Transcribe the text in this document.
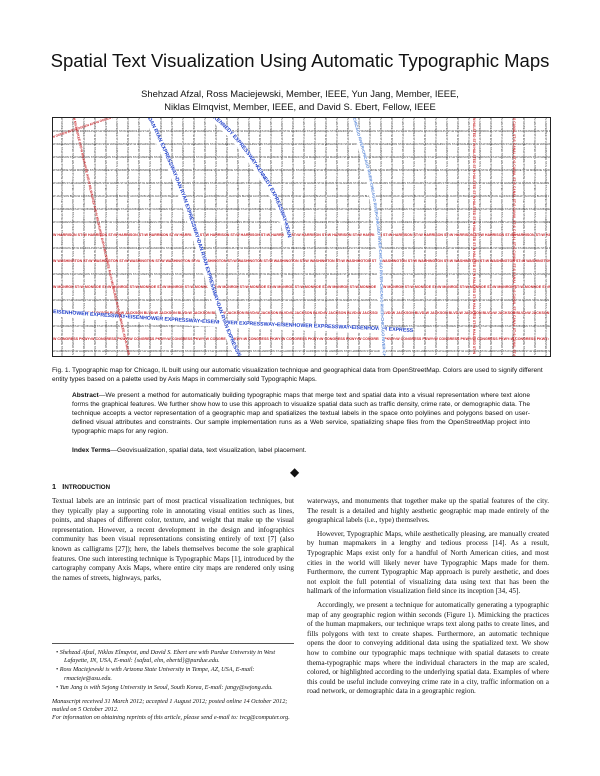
Spatial Text Visualization Using Automatic Typographic Maps
Shehzad Afzal, Ross Maciejewski, Member, IEEE, Yun Jang, Member, IEEE,
Niklas Elmqvist, Member, IEEE, and David S. Ebert, Fellow, IEEE
W KINZIE ST•W KINZIE ST•W KINZIE ST•W KINZIE ST•W KINZIE ST•W KINZIE ST•W KINZIE ST•W KINZIE ST•W KINZIE ST•W KINZIE ST•W KINZIE ST•W KINZIE ST•W KINZIE ST•W KINZIE ST•W KI
N HALSTED ST•N HALSTED ST•N HALSTED ST•N HALSTED ST•N HALSTED ST•N HALSTED ST•N HALSTED ST•N HALSTED ST•N HALSTED ST•N HALSTED ST•N HALSTED ST•N HALSTED ST•N
N CARPENTER ST•N CARPENTER ST•N CARPENTER ST•N CARPENTER ST•N CARPENTER ST•N CARPENTER ST•N CARPENTER ST•N CARPENTER ST•N CARPENTER ST•N CARPENTER ST•N
W KINZIE ST•W KINZIE ST•W KINZIE ST•W KINZIE ST•W KINZIE ST•W KINZIE ST•W KINZIE ST•W KINZIE ST•W KINZIE ST•W KINZIE ST•W KINZIE ST•W KINZIE ST•W KINZIE ST•W KINZIE ST•W KI
N HALSTED ST•N HALSTED ST•N HALSTED ST•N HALSTED ST•N HALSTED ST•N HALSTED ST•N HALSTED ST•N HALSTED ST•N HALSTED ST•N HALSTED ST•N HALSTED ST•N HALSTED ST•N
N CARPENTER ST•N CARPENTER ST•N CARPENTER ST•N CARPENTER ST•N CARPENTER ST•N CARPENTER ST•N CARPENTER ST•N CARPENTER ST•N CARPENTER ST•N CARPENTER ST•N
W KINZIE ST•W KINZIE ST•W KINZIE ST•W KINZIE ST•W KINZIE ST•W KINZIE ST•W KINZIE ST•W KINZIE ST•W KINZIE ST•W KINZIE ST•W KINZIE ST•W KINZIE ST•W KINZIE ST•W KINZIE ST•W KI
N HALSTED ST•N HALSTED ST•N HALSTED ST•N HALSTED ST•N HALSTED ST•N HALSTED ST•N HALSTED ST•N HALSTED ST•N HALSTED ST•N HALSTED ST•N HALSTED ST•N HALSTED ST•N
N CARPENTER ST•N CARPENTER ST•N CARPENTER ST•N CARPENTER ST•N CARPENTER ST•N CARPENTER ST•N CARPENTER ST•N CARPENTER ST•N CARPENTER ST•N CARPENTER ST•N
W KINZIE ST•W KINZIE ST•W KINZIE ST•W KINZIE ST•W KINZIE ST•W KINZIE ST•W KINZIE ST•W KINZIE ST•W KINZIE ST•W KINZIE ST•W KINZIE ST•W KINZIE ST•W KINZIE ST•W KINZIE ST•W KI
N HALSTED ST•N HALSTED ST•N HALSTED ST•N HALSTED ST•N HALSTED ST•N HALSTED ST•N HALSTED ST•N HALSTED ST•N HALSTED ST•N HALSTED ST•N HALSTED ST•N HALSTED ST•N
N CARPENTER ST•N CARPENTER ST•N CARPENTER ST•N CARPENTER ST•N CARPENTER ST•N CARPENTER ST•N CARPENTER ST•N CARPENTER ST•N CARPENTER ST•N CARPENTER ST•N
W KINZIE ST•W KINZIE ST•W KINZIE ST•W KINZIE ST•W KINZIE ST•W KINZIE ST•W KINZIE ST•W KINZIE ST•W KINZIE ST•W KINZIE ST•W KINZIE ST•W KINZIE ST•W KINZIE ST•W KINZIE ST•W KI
N HALSTED ST•N HALSTED ST•N HALSTED ST•N HALSTED ST•N HALSTED ST•N HALSTED ST•N HALSTED ST•N HALSTED ST•N HALSTED ST•N HALSTED ST•N HALSTED ST•N HALSTED ST•N
N CARPENTER ST•N CARPENTER ST•N CARPENTER ST•N CARPENTER ST•N CARPENTER ST•N CARPENTER ST•N CARPENTER ST•N CARPENTER ST•N CARPENTER ST•N CARPENTER ST•N
W KINZIE ST•W KINZIE ST•W KINZIE ST•W KINZIE ST•W KINZIE ST•W KINZIE ST•W KINZIE ST•W KINZIE ST•W KINZIE ST•W KINZIE ST•W KINZIE ST•W KINZIE ST•W KINZIE ST•W KINZIE ST•W KI
N HALSTED ST•N HALSTED ST•N HALSTED ST•N HALSTED ST•N HALSTED ST•N HALSTED ST•N HALSTED ST•N HALSTED ST•N HALSTED ST•N HALSTED ST•N HALSTED ST•N HALSTED ST•N
N CARPENTER ST•N CARPENTER ST•N CARPENTER ST•N CARPENTER ST•N CARPENTER ST•N CARPENTER ST•N CARPENTER ST•N CARPENTER ST•N CARPENTER ST•N CARPENTER ST•N
W KINZIE ST•W KINZIE ST•W KINZIE ST•W KINZIE ST•W KINZIE ST•W KINZIE ST•W KINZIE ST•W KINZIE ST•W KINZIE ST•W KINZIE ST•W KINZIE ST•W KINZIE ST•W KINZIE ST•W KINZIE ST•W KI
N HALSTED ST•N HALSTED ST•N HALSTED ST•N HALSTED ST•N HALSTED ST•N HALSTED ST•N HALSTED ST•N HALSTED ST•N HALSTED ST•N HALSTED ST•N HALSTED ST•N HALSTED ST•N
N CARPENTER ST•N CARPENTER ST•N CARPENTER ST•N CARPENTER ST•N CARPENTER ST•N CARPENTER ST•N CARPENTER ST•N CARPENTER ST•N CARPENTER ST•N CARPENTER ST•N
W KINZIE ST•W KINZIE ST•W KINZIE ST•W KINZIE ST•W KINZIE ST•W KINZIE ST•W KINZIE ST•W KINZIE ST•W KINZIE ST•W KINZIE ST•W KINZIE ST•W KINZIE ST•W KINZIE ST•W KINZIE ST•W KI
N HALSTED ST•N HALSTED ST•N HALSTED ST•N HALSTED ST•N HALSTED ST•N HALSTED ST•N HALSTED ST•N HALSTED ST•N HALSTED ST•N HALSTED ST•N HALSTED ST•N HALSTED ST•N
N CARPENTER ST•N CARPENTER ST•N CARPENTER ST•N CARPENTER ST•N CARPENTER ST•N CARPENTER ST•N CARPENTER ST•N CARPENTER ST•N CARPENTER ST•N CARPENTER ST•N
W KINZIE ST•W KINZIE ST•W KINZIE ST•W KINZIE ST•W KINZIE ST•W KINZIE ST•W KINZIE ST•W KINZIE ST•W KINZIE ST•W KINZIE ST•W KINZIE ST•W KINZIE ST•W KINZIE ST•W KINZIE ST•W KI
N HALSTED ST•N HALSTED ST•N HALSTED ST•N HALSTED ST•N HALSTED ST•N HALSTED ST•N HALSTED ST•N HALSTED ST•N HALSTED ST•N HALSTED ST•N HALSTED ST•N HALSTED ST•N
N CARPENTER ST•N CARPENTER ST•N CARPENTER ST•N CARPENTER ST•N CARPENTER ST•N CARPENTER ST•N CARPENTER ST•N CARPENTER ST•N CARPENTER ST•N CARPENTER ST•N
W KINZIE ST•W KINZIE ST•W KINZIE ST•W KINZIE ST•W KINZIE ST•W KINZIE ST•W KINZIE ST•W KINZIE ST•W KINZIE ST•W KINZIE ST•W KINZIE ST•W KINZIE ST•W KINZIE ST•W KINZIE ST•W KI
N HALSTED ST•N HALSTED ST•N HALSTED ST•N HALSTED ST•N HALSTED ST•N HALSTED ST•N HALSTED ST•N HALSTED ST•N HALSTED ST•N HALSTED ST•N HALSTED ST•N HALSTED ST•N
N CARPENTER ST•N CARPENTER ST•N CARPENTER ST•N CARPENTER ST•N CARPENTER ST•N CARPENTER ST•N CARPENTER ST•N CARPENTER ST•N CARPENTER ST•N CARPENTER ST•N
W KINZIE ST•W KINZIE ST•W KINZIE ST•W KINZIE ST•W KINZIE ST•W KINZIE ST•W KINZIE ST•W KINZIE ST•W KINZIE ST•W KINZIE ST•W KINZIE ST•W KINZIE ST•W KINZIE ST•W KINZIE ST•W KI
N HALSTED ST•N HALSTED ST•N HALSTED ST•N HALSTED ST•N HALSTED ST•N HALSTED ST•N HALSTED ST•N HALSTED ST•N HALSTED ST•N HALSTED ST•N HALSTED ST•N HALSTED ST•N
N CARPENTER ST•N CARPENTER ST•N CARPENTER ST•N CARPENTER ST•N CARPENTER ST•N CARPENTER ST•N CARPENTER ST•N CARPENTER ST•N CARPENTER ST•N CARPENTER ST•N
W KINZIE ST•W KINZIE ST•W KINZIE ST•W KINZIE ST•W KINZIE ST•W KINZIE ST•W KINZIE ST•W KINZIE ST•W KINZIE ST•W KINZIE ST•W KINZIE ST•W KINZIE ST•W KINZIE ST•W KINZIE ST•W KI
N HALSTED ST•N HALSTED ST•N HALSTED ST•N HALSTED ST•N HALSTED ST•N HALSTED ST•N HALSTED ST•N HALSTED ST•N HALSTED ST•N HALSTED ST•N HALSTED ST•N HALSTED ST•N
N CARPENTER ST•N CARPENTER ST•N CARPENTER ST•N CARPENTER ST•N CARPENTER ST•N CARPENTER ST•N CARPENTER ST•N CARPENTER ST•N CARPENTER ST•N CARPENTER ST•N
W KINZIE ST•W KINZIE ST•W KINZIE ST•W KINZIE ST•W KINZIE ST•W KINZIE ST•W KINZIE ST•W KINZIE ST•W KINZIE ST•W KINZIE ST•W KINZIE ST•W KINZIE ST•W KINZIE ST•W KINZIE ST•W KI
N HALSTED ST•N HALSTED ST•N HALSTED ST•N HALSTED ST•N HALSTED ST•N HALSTED ST•N HALSTED ST•N HALSTED ST•N HALSTED ST•N HALSTED ST•N HALSTED ST•N HALSTED ST•N
N CARPENTER ST•N CARPENTER ST•N CARPENTER ST•N CARPENTER ST•N CARPENTER ST•N CARPENTER ST•N CARPENTER ST•N CARPENTER ST•N CARPENTER ST•N CARPENTER ST•N
W KINZIE ST•W KINZIE ST•W KINZIE ST•W KINZIE ST•W KINZIE ST•W KINZIE ST•W KINZIE ST•W KINZIE ST•W KINZIE ST•W KINZIE ST•W KINZIE ST•W KINZIE ST•W KINZIE ST•W KINZIE ST•W KI
N HALSTED ST•N HALSTED ST•N HALSTED ST•N HALSTED ST•N HALSTED ST•N HALSTED ST•N HALSTED ST•N HALSTED ST•N HALSTED ST•N HALSTED ST•N HALSTED ST•N HALSTED ST•N
N CARPENTER ST•N CARPENTER ST•N CARPENTER ST•N CARPENTER ST•N CARPENTER ST•N CARPENTER ST•N CARPENTER ST•N CARPENTER ST•N CARPENTER ST•N CARPENTER ST•N
W KINZIE ST•W KINZIE ST•W KINZIE ST•W KINZIE ST•W KINZIE ST•W KINZIE ST•W KINZIE ST•W KINZIE ST•W KINZIE ST•W KINZIE ST•W KINZIE ST•W KINZIE ST•W KINZIE ST•W KINZIE ST•W KI
N HALSTED ST•N HALSTED ST•N HALSTED ST•N HALSTED ST•N HALSTED ST•N HALSTED ST•N HALSTED ST•N HALSTED ST•N HALSTED ST•N HALSTED ST•N HALSTED ST•N HALSTED ST•N
N CARPENTER ST•N CARPENTER ST•N CARPENTER ST•N CARPENTER ST•N CARPENTER ST•N CARPENTER ST•N CARPENTER ST•N CARPENTER ST•N CARPENTER ST•N CARPENTER ST•N
W RANDOLPH ST•W RANDOLPH ST•W RANDOLPH ST•W RANDOLPH ST•W RANDOLPH ST•W RANDOLPH ST•W RANDOLPH ST•W RANDOLPH ST•W RANDOLPH ST•W RANDOLPH ST•W RANDOLPH ST•W RANDOLPH ST•W RANDOLPH ST•W RANDOLPH ST•W RANDOLPH ST•W RANDOLPH ST•W RANDOLPH ST•W RANDOLPH ST•W RANDOLPH ST•W RANDOLPH ST•W RANDOLPH ST•W
W WASHINGTON ST•W WASHINGTON ST•W WASHINGTON ST•W WASHINGTON ST•W WASHINGTON ST•W WASHINGTON ST•W WASHINGTON ST•W WASHINGTON ST•W WASHINGTON ST•W WASHINGTON ST•W WASHINGTON ST•W WASHINGTON ST•W WASHINGTON ST•W WASHINGTON ST•W WASHINGTON ST•W WASHINGTON ST•W WASHINGTON ST•W WASHINGTON ST•W WASHI
W MADISON ST•W MADISON ST•W MADISON ST•W MADISON ST•W MADISON ST•W MADISON ST•W MADISON ST•W MADISON ST•W MADISON ST•W MADISON ST•W MADISON ST•W MADISON ST•W MADISON ST•W MADISON ST•W MADISON ST•W MADISON ST•W MADISON ST•W MADISON ST•W MADISON ST•W MADISON ST•W MADISON ST•W MADISON ST•W MADISON ST•W MADIS
W MONROE ST•W MONROE ST•W MONROE ST•W MONROE ST•W MONROE ST•W MONROE ST•W MONROE ST•W MONROE ST•W MONROE ST•W MONROE ST•W MONROE ST•W MONROE ST•W MONROE ST•W MONROE ST•W MONROE ST•W MONROE ST•W MONROE ST•W MONROE ST•W MONROE ST•W MONROE ST•W MONROE ST•W MONROE ST•W MONROE ST•W MONROE ST•W
W ADAMS ST•W ADAMS ST•W ADAMS ST•W ADAMS ST•W ADAMS ST•W ADAMS ST•W ADAMS ST•W ADAMS ST•W ADAMS ST•W ADAMS ST•W ADAMS ST•W ADAMS ST•W ADAMS ST•W ADAMS ST•W ADAMS ST•W ADAMS ST•W ADAMS ST•W ADAMS ST•W ADAMS ST•W ADAMS ST•W ADAMS ST•W ADAMS ST•W ADAMS ST•W ADAMS ST•W ADAMS ST•W ADAMS ST•W ADAMS ST•W ADAMS
W JACKSON BLVD•W JACKSON BLVD•W JACKSON BLVD•W JACKSON BLVD•W JACKSON BLVD•W JACKSON BLVD•W JACKSON BLVD•W JACKSON BLVD•W JACKSON BLVD•W JACKSON BLVD•W JACKSON BLVD•W JACKSON BLVD•W JACKSON BLVD•W JACKSON BLVD•W JACKSON BLVD•W JACKSON BLVD•W JACKSON BLVD•W JACKSON BLVD•W JACKSON BLVD•W JACKSON BLVD•W J
W VAN BUREN ST•W VAN BUREN ST•W VAN BUREN ST•W VAN BUREN ST•W VAN BUREN ST•W VAN BUREN ST•W VAN BUREN ST•W VAN BUREN ST•W VAN BUREN ST•W VAN BUREN ST•W VAN BUREN ST•W VAN BUREN ST•W VAN BUREN ST•W VAN BUREN ST•W VAN BUREN ST•W VAN BUREN ST•W VAN BUREN ST•W VAN BUREN ST•W VAN BUREN ST•W VAN BUREN ST•W VAN BURE
W CONGRESS PKWY•W CONGRESS PKWY•W CONGRESS PKWY•W CONGRESS PKWY•W CONGRESS PKWY•W CONGRESS PKWY•W CONGRESS PKWY•W CONGRESS PKWY•W CONGRESS PKWY•W CONGRESS PKWY•W CONGRESS PKWY•W CONGRESS PKWY•W CONGRESS PKWY•W CONGRESS PKWY•W CONGRESS PKWY•W CONGRESS PKWY•W CONGRESS PKWY•W CONGR
W HARRISON ST•W HARRISON ST•W HARRISON ST•W HARRISON ST•W HARRISON ST•W HARRISON ST•W HARRISON ST•W HARRISON ST•W HARRISON ST•W HARRISON ST•W HARRISON ST•W HARRISON ST•W HARRISON ST•W HARRISON ST•W HARRISON ST•W HARRISON ST•W H
W RANDOLPH ST•W RANDOLPH ST•W RANDOLPH ST•W RANDOLPH ST•W RANDOLPH ST•W RANDOLPH ST•W RANDOLPH ST•W RANDOLPH ST•W RANDOLPH ST•W RANDOLPH ST•W RANDOLPH ST•W RANDOLPH ST•W RANDOLPH ST•W RANDOLPH ST•W RANDOLPH ST•W RANDOLPH ST•W RANDOLPH ST•W RANDOLPH ST•W RANDOLPH ST•W RANDOLPH ST•W RANDOLPH ST•W
W WASHINGTON ST•W WASHINGTON ST•W WASHINGTON ST•W WASHINGTON ST•W WASHINGTON ST•W WASHINGTON ST•W WASHINGTON ST•W WASHINGTON ST•W WASHINGTON ST•W WASHINGTON ST•W WASHINGTON ST•W WASHINGTON ST•W WASHINGTON ST•W WASHINGTO
W MADISON ST•W MADISON ST•W MADISON ST•W MADISON ST•W MADISON ST•W MADISON ST•W MADISON ST•W MADISON ST•W MADISON ST•W MADISON ST•W MADISON ST•W MADISON ST•W MADISON ST•W MADISON ST•W MADISON ST•W MADISON ST•W MADISON ST•W MADISON ST•W MADISON ST•W MADISON ST•W MADISON ST•W MADISON ST•W MADISON ST•W MADIS
W MONROE ST•W MONROE ST•W MONROE ST•W MONROE ST•W MONROE ST•W MONROE ST•W MONROE ST•W MONROE ST•W MONROE ST•W MONROE ST•W MONROE ST•W MONROE ST•W MONROE ST•W MONROE ST•W MONROE ST•W MONROE ST•W MONROE ST•W MONROE ST•
W ADAMS ST•W ADAMS ST•W ADAMS ST•W ADAMS ST•W ADAMS ST•W ADAMS ST•W ADAMS ST•W ADAMS ST•W ADAMS ST•W ADAMS ST•W ADAMS ST•W ADAMS ST•W ADAMS ST•W ADAMS ST•W ADAMS ST•W ADAMS ST•W ADAMS ST•W ADAMS ST•W ADAMS ST•W ADAMS ST•W ADAMS ST•W ADAMS ST•W ADAMS ST•W ADAMS ST•W ADAMS ST•W ADAMS ST•W ADAMS ST•W ADAMS
W JACKSON BLVD•W JACKSON BLVD•W JACKSON BLVD•W JACKSON BLVD•W JACKSON BLVD•W JACKSON BLVD•W JACKSON BLVD•W JACKSON BLVD•W JACKSON BLVD•W JACKSON BLVD•W JACKSON BLVD•W JACKSON BLVD•W JACKSON BLVD•W JACKSON BLVD•W JACKSON
W VAN BUREN ST•W VAN BUREN ST•W VAN BUREN ST•W VAN BUREN ST•W VAN BUREN ST•W VAN BUREN ST•W VAN BUREN ST•W VAN BUREN ST•W VAN BUREN ST•W VAN BUREN ST•W VAN BUREN ST•W VAN BUREN ST•W VAN BUREN ST•W VAN BUREN ST•W VAN BUREN ST•W VAN BUREN ST•W VAN BUREN ST•W VAN BUREN ST•W VAN BUREN ST•W VAN BUREN ST•W VAN BURE
W CONGRESS PKWY•W CONGRESS PKWY•W CONGRESS PKWY•W CONGRESS PKWY•W CONGRESS PKWY•W CONGRESS PKWY•W CONGRESS PKWY•W CONGRESS PKWY•W CONGRESS PKWY•W CONGRESS PKWY•W CONGRESS PKWY•W CONGRESS PKWY•W CONGRESS PKWY•
W HARRISON ST•W HARRISON ST•W HARRISON ST•W HARRISON ST•W HARRISON ST•W HARRISON ST•W HARRISON ST•W HARRISON ST•W HARRISON ST•W HARRISON ST•W HARRISON ST•W HARRISON ST•W HARRISON ST•W HARRISON ST•W HARRISON ST•W HARRISON ST•W HARRISON ST•W HARRISON ST•W HARRISON ST•W HARRISON ST•W HARRISON ST•W HARRISON S
EISENHOWER EXPRESSWAY•EISENHOWER EXPRESSWAY•EISENHOWER EXPRESSWAY•EISENHOWER EXPRESSWAY•EISENHOWER EXPRESS
DAN RYAN EXPRESSWAY•DAN RYAN EXPRESSWAY•DAN RYAN EXPRESSWAY•DAN RYAN EXPRESSW
KENNEDY EXPRESSWAY•KENNEDY EXPRESSWAY•KENN
N MILWAUKEE AVE•N MILWAUKEE AVE•N MILWAUKEE AVE•N MILWAUKEE AVE•N MILWAUKEE AVE•N MILWAUKEE AVE•N MILWAUKEE AVE•N MILWA
OGDEN AVE•N OGDEN AVE•N OGDEN	CHICAGO RIVER•CHICAGO RIVER•CHICAGO RIVER•CHICAGO RIVER•CHICAGO RIVER•CHICAGO RIVER•CHICAGO RIVER•CH
N HALSTED ST•N HALSTED ST•N HALSTED ST•N HALSTED ST•N HALSTED ST•N HALSTED ST•N HALSTED ST•N HALSTED ST•N HALSTED ST•N
S CANAL ST•S CANAL ST•S CANAL ST•S CANAL ST•S CANAL ST•S CANAL ST•S CANAL ST•S CANAL ST•S CANAL ST•S CANAL ST•S CANAL ST•S
Fig. 1. Typographic map for Chicago, IL built using our automatic visualization technique and geographical data from OpenStreetMap. Colors are used to signify different entity types based on a palette used by Axis Maps in commercially sold Typographic Maps.
Abstract—We present a method for automatically building typographic maps that merge text and spatial data into a visual representation where text alone forms the graphical features. We further show how to use this approach to visualize spatial data such as traffic density, crime rate, or demographic data. The technique accepts a vector representation of a geographic map and spatializes the textual labels in the space onto polylines and polygons based on user-defined visual attributes and constraints. Our sample implementation runs as a Web service, spatializing shape files from the OpenStreetMap project into typographic maps for any region.
Index Terms—Geovisualization, spatial data, text visualization, label placement.
◆
1 INTRODUCTION

Textual labels are an intrinsic part of most practical visualization techniques, but they typically play a supporting role in annotating visual entities such as lines, points, and shapes of different color, texture, and weight that make up the visual representation. However, a recent development in the design and infographics community has been visual representations consisting entirely of text [7] (also known as calligrams [27]); here, the labels themselves become the sole graphical features. One such interesting technique is Typographic Maps [1], introduced by the cartography company Axis Maps, where entire city maps are rendered only using the names of streets, highways, parks,

• Shehzad Afzal, Niklas Elmqvist, and David S. Ebert are with Purdue University in West Lafayette, IN, USA, E-mail: {safzal, elm, ebertd}@purdue.edu.
• Ross Maciejewski is with Arizona State University in Tempe, AZ, USA, E-mail: rmacieje@asu.edu.
• Yun Jang is with Sejong University in Seoul, South Korea, E-mail: jangy@sejong.edu.
Manuscript received 31 March 2012; accepted 1 August 2012; posted online 14 October 2012; mailed on 5 October 2012.
For information on obtaining reprints of this article, please send e-mail to: tvcg@computer.org.

waterways, and monuments that together make up the spatial features of the city. The result is a detailed and highly aesthetic geographic map made entirely of the geographical labels (i.e., type) themselves.

However, Typographic Maps, while aesthetically pleasing, are manually created by human mapmakers in a lengthy and tedious process [14]. As a result, Typographic Maps exist only for a handful of North American cities, and most cities in the world will likely never have Typographic Maps made for them. Furthermore, the current Typographic Map approach is purely aesthetic, and does not exploit the full potential of visualizing data using text that has been the hallmark of the information visualization field since its inception [34, 45].

Accordingly, we present a technique for automatically generating a typographic map of any geographic region within seconds (Figure 1). Mimicking the practices of the human mapmakers, our technique wraps text along paths to create lines, and fills polygons with text to create shapes. Furthermore, an automatic technique opens the door to conveying additional data using the spatialized text. We show how to combine our typographic maps technique with spatial datasets to create thema-typographic maps where the individual characters in the map are scaled, colored, or highlighted according to the underlying spatial data. Examples of where this could be useful include conveying crime rate in a city, traffic information on a road network, or demographic data in a geographic region.
